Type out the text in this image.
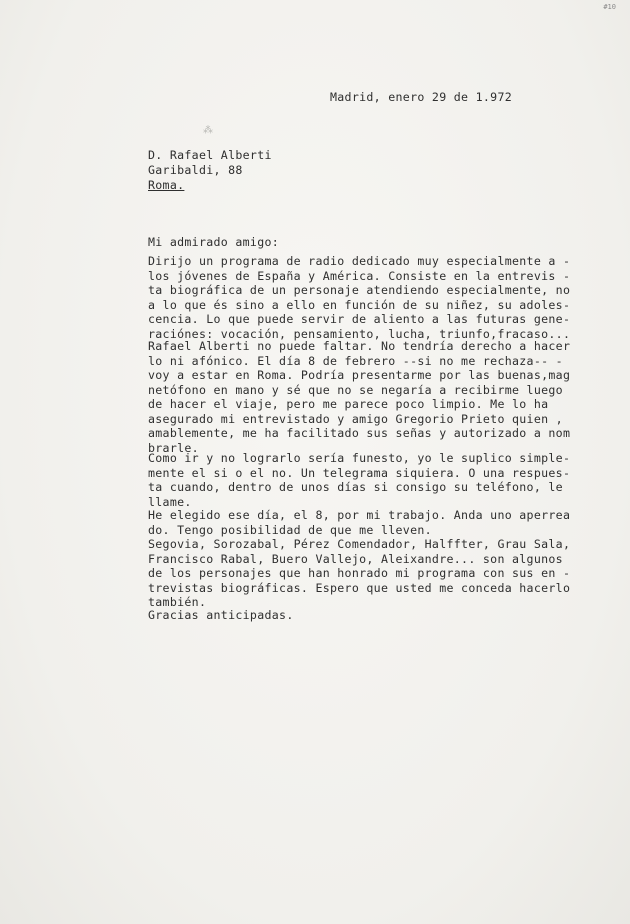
#10
⁂
Madrid, enero 29 de 1.972
D. Rafael Alberti
Garibaldi, 88
Roma.
Mi admirado amigo:
Dirijo un programa de radio dedicado muy especialmente a -
los jóvenes de España y América. Consiste en la entrevis -
ta biográfica de un personaje atendiendo especialmente, no
a lo que és sino a ello en función de su niñez, su adoles-
cencia. Lo que puede servir de aliento a las futuras gene-
raciónes: vocación, pensamiento, lucha, triunfo,fracaso...
Rafael Alberti no puede faltar. No tendría derecho a hacer
lo ni afónico. El día 8 de febrero --si no me rechaza-- -
voy a estar en Roma. Podría presentarme por las buenas,mag
netófono en mano y sé que no se negaría a recibirme luego
de hacer el viaje, pero me parece poco limpio. Me lo ha
asegurado mi entrevistado y amigo Gregorio Prieto quien ,
amablemente, me ha facilitado sus señas y autorizado a nom
brarle.
Como ir y no lograrlo sería funesto, yo le suplico simple-
mente el si o el no. Un telegrama siquiera. O una respues-
ta cuando, dentro de unos días si consigo su teléfono, le
llame.
He elegido ese día, el 8, por mi trabajo. Anda uno aperrea
do. Tengo posibilidad de que me lleven.
Segovia, Sorozabal, Pérez Comendador, Halffter, Grau Sala,
Francisco Rabal, Buero Vallejo, Aleixandre... son algunos
de los personajes que han honrado mi programa con sus en -
trevistas biográficas. Espero que usted me conceda hacerlo
también.
Gracias anticipadas.
